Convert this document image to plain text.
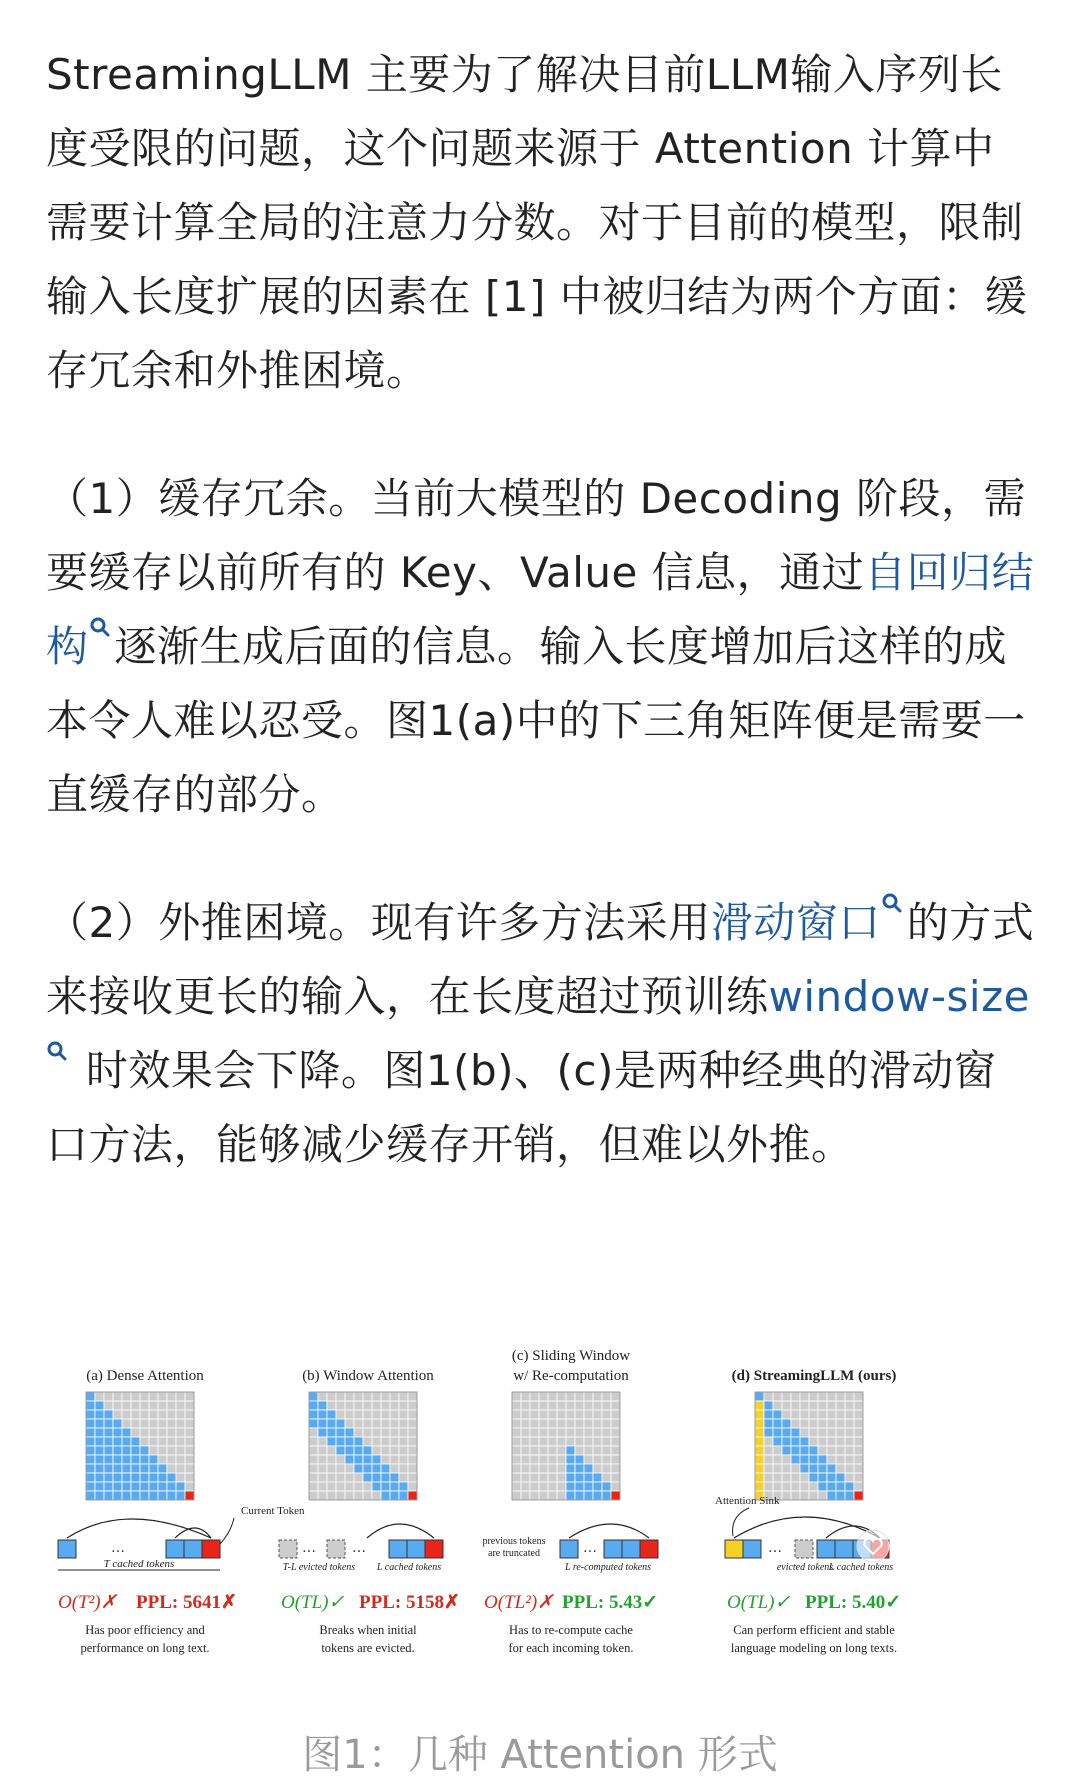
StreamingLLM 主要为了解决目前LLM输入序列长度受限的问题，这个问题来源于 Attention 计算中需要计算全局的注意力分数。对于目前的模型，限制输入长度扩展的因素在 [1] 中被归结为两个方面：缓存冗余和外推困境。

（1）缓存冗余。当前大模型的 Decoding 阶段，需要缓存以前所有的 Key、Value 信息，通过自回归结构 逐渐生成后面的信息。输入长度增加后这样的成本令人难以忍受。图1(a)中的下三角矩阵便是需要一直缓存的部分。

（2）外推困境。现有许多方法采用滑动窗口 的方式来接收更长的输入，在长度超过预训练window-size 时效果会下降。图1(b)、(c)是两种经典的滑动窗口方法，能够减少缓存开销，但难以外推。

(a) Dense Attention
…
Current Token
T cached tokens
O(T²)✗ PPL: 5641✗
Has poor efficiency and
performance on long text.
(b) Window Attention
…	…
T-L evicted tokens L cached tokens
O(TL)✓ PPL: 5158✗
Breaks when initial
tokens are evicted.
(c) Sliding Window
w/ Re-computation
previous tokens
are truncated	…
L re-computed tokens
O(TL²)✗ PPL: 5.43✓
Has to re-compute cache
for each incoming token.
(d) StreamingLLM (ours)
…
Attention Sink
evicted tokens
L cached tokens
O(TL)✓ PPL: 5.40✓
Can perform efficient and stable
language modeling on long texts.
图1：几种 Attention 形式
